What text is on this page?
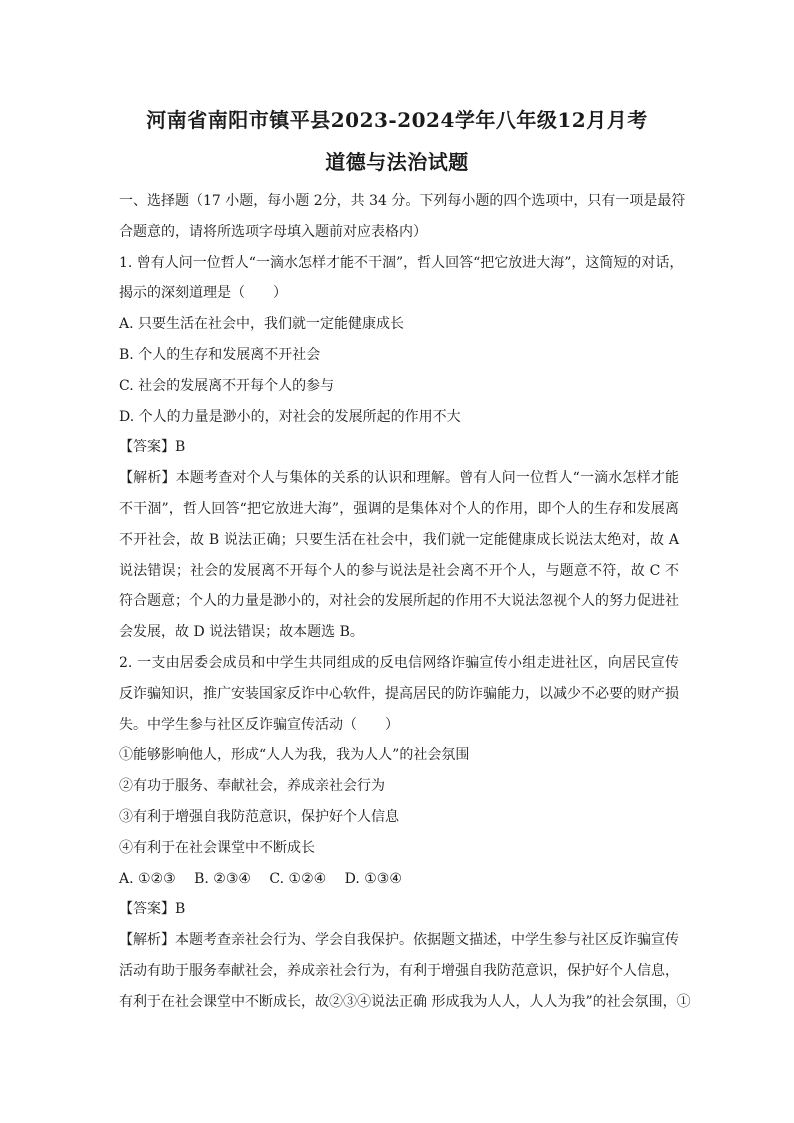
河南省南阳市镇平县2023-2024学年八年级12月月考
道德与法治试题
一、选择题（17 小题，每小题 2分，共 34 分。下列每小题的四个选项中，只有一项是最符
合题意的，请将所选项字母填入题前对应表格内）
1. 曾有人问一位哲人“一滴水怎样才能不干涸”，哲人回答“把它放进大海”，这简短的对话，
揭示的深刻道理是（　　）
A. 只要生活在社会中，我们就一定能健康成长
B. 个人的生存和发展离不开社会
C. 社会的发展离不开每个人的参与
D. 个人的力量是渺小的，对社会的发展所起的作用不大
【答案】B
【解析】本题考查对个人与集体的关系的认识和理解。曾有人问一位哲人“一滴水怎样才能
不干涸”，哲人回答“把它放进大海”，强调的是集体对个人的作用，即个人的生存和发展离
不开社会，故 B 说法正确；只要生活在社会中，我们就一定能健康成长说法太绝对，故 A
说法错误；社会的发展离不开每个人的参与说法是社会离不开个人，与题意不符，故 C 不
符合题意；个人的力量是渺小的，对社会的发展所起的作用不大说法忽视个人的努力促进社
会发展，故 D 说法错误；故本题选 B。
2. 一支由居委会成员和中学生共同组成的反电信网络诈骗宣传小组走进社区，向居民宣传
反诈骗知识，推广安装国家反诈中心软件，提高居民的防诈骗能力，以减少不必要的财产损
失。中学生参与社区反诈骗宣传活动（　　）
①能够影响他人，形成“人人为我，我为人人”的社会氛围
②有功于服务、奉献社会，养成亲社会行为
③有利于增强自我防范意识，保护好个人信息
④有利于在社会课堂中不断成长
A. ①②③　 B. ②③④　 C. ①②④　 D. ①③④
【答案】B
【解析】本题考查亲社会行为、学会自我保护。依据题文描述，中学生参与社区反诈骗宣传
活动有助于服务奉献社会，养成亲社会行为，有利于增强自我防范意识，保护好个人信息，
有利于在社会课堂中不断成长，故②③④说法正确 形成我为人人，人人为我”的社会氛围，①
